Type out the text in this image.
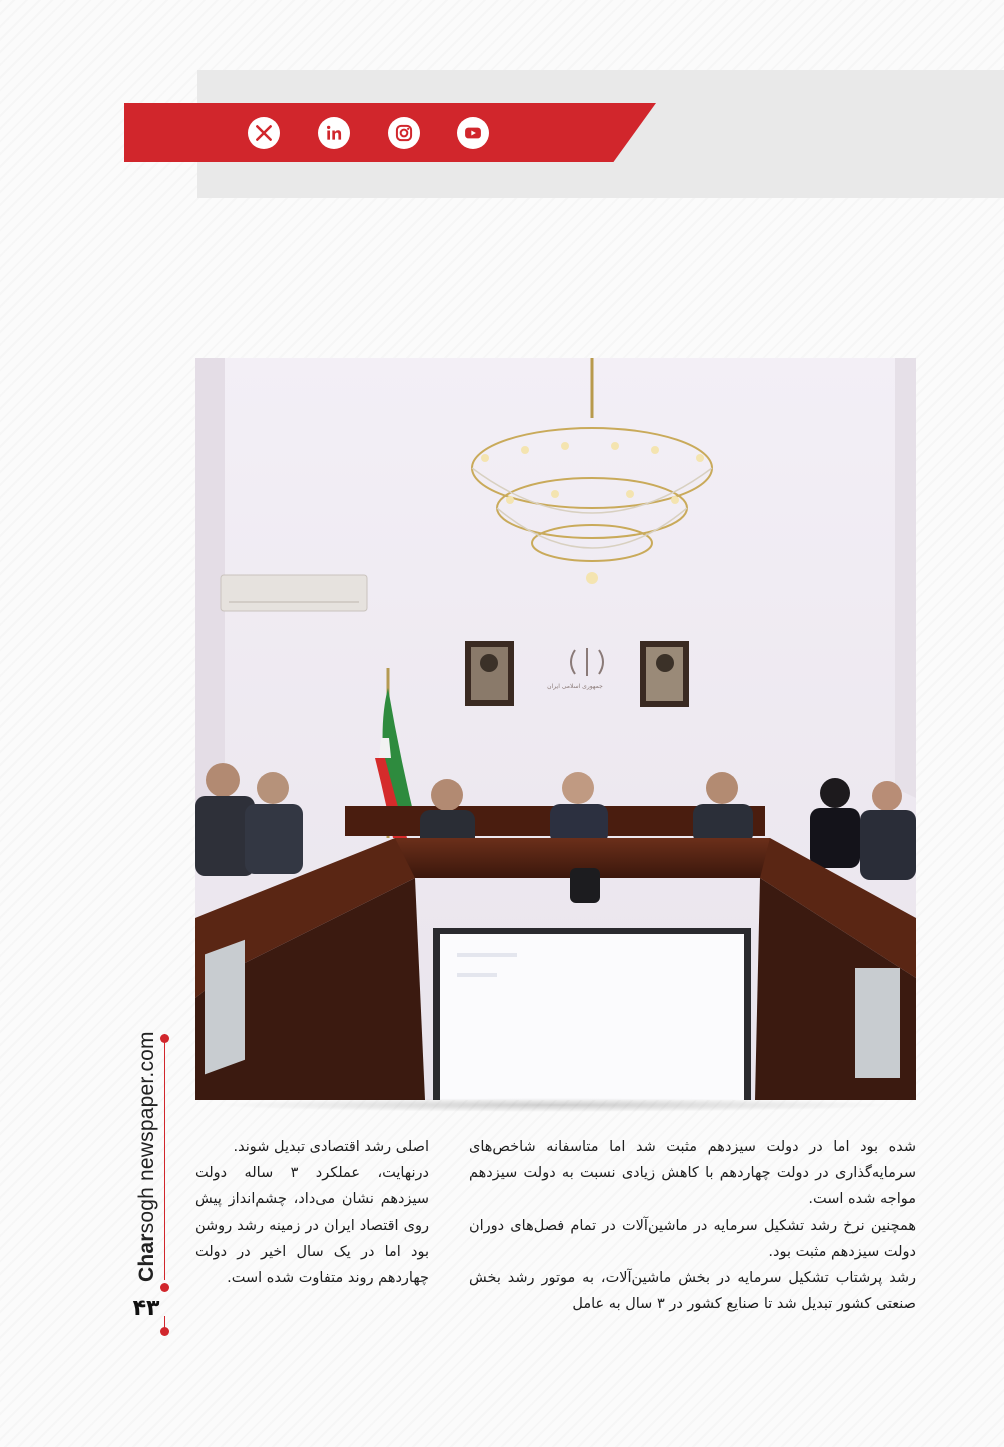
جمهوری اسلامی ایران

شده بود اما در دولت سیزدهم مثبت شد اما متاسفانه شاخص‌های سرمایه‌گذاری در دولت چهاردهم با کاهش زیادی نسبت به دولت سیزدهم مواجه شده است.

همچنین نرخ رشد تشکیل سرمایه در ماشین‌آلات در تمام فصل‌های دوران دولت سیزدهم مثبت بود.

رشد پرشتاب تشکیل سرمایه در بخش ماشین‌آلات، به موتور رشد بخش صنعتی کشور تبدیل شد تا صنایع کشور در ۳ سال به عامل

اصلی رشد اقتصادی تبدیل شوند.

درنهایت، عملکرد ۳ ساله دولت سیزدهم نشان می‌داد، چشم‌انداز پیش روی اقتصاد ایران در زمینه رشد روشن بود اما در یک سال اخیر در دولت چهاردهم روند متفاوت شده است.

Charsogh newspaper.com
۴۳
